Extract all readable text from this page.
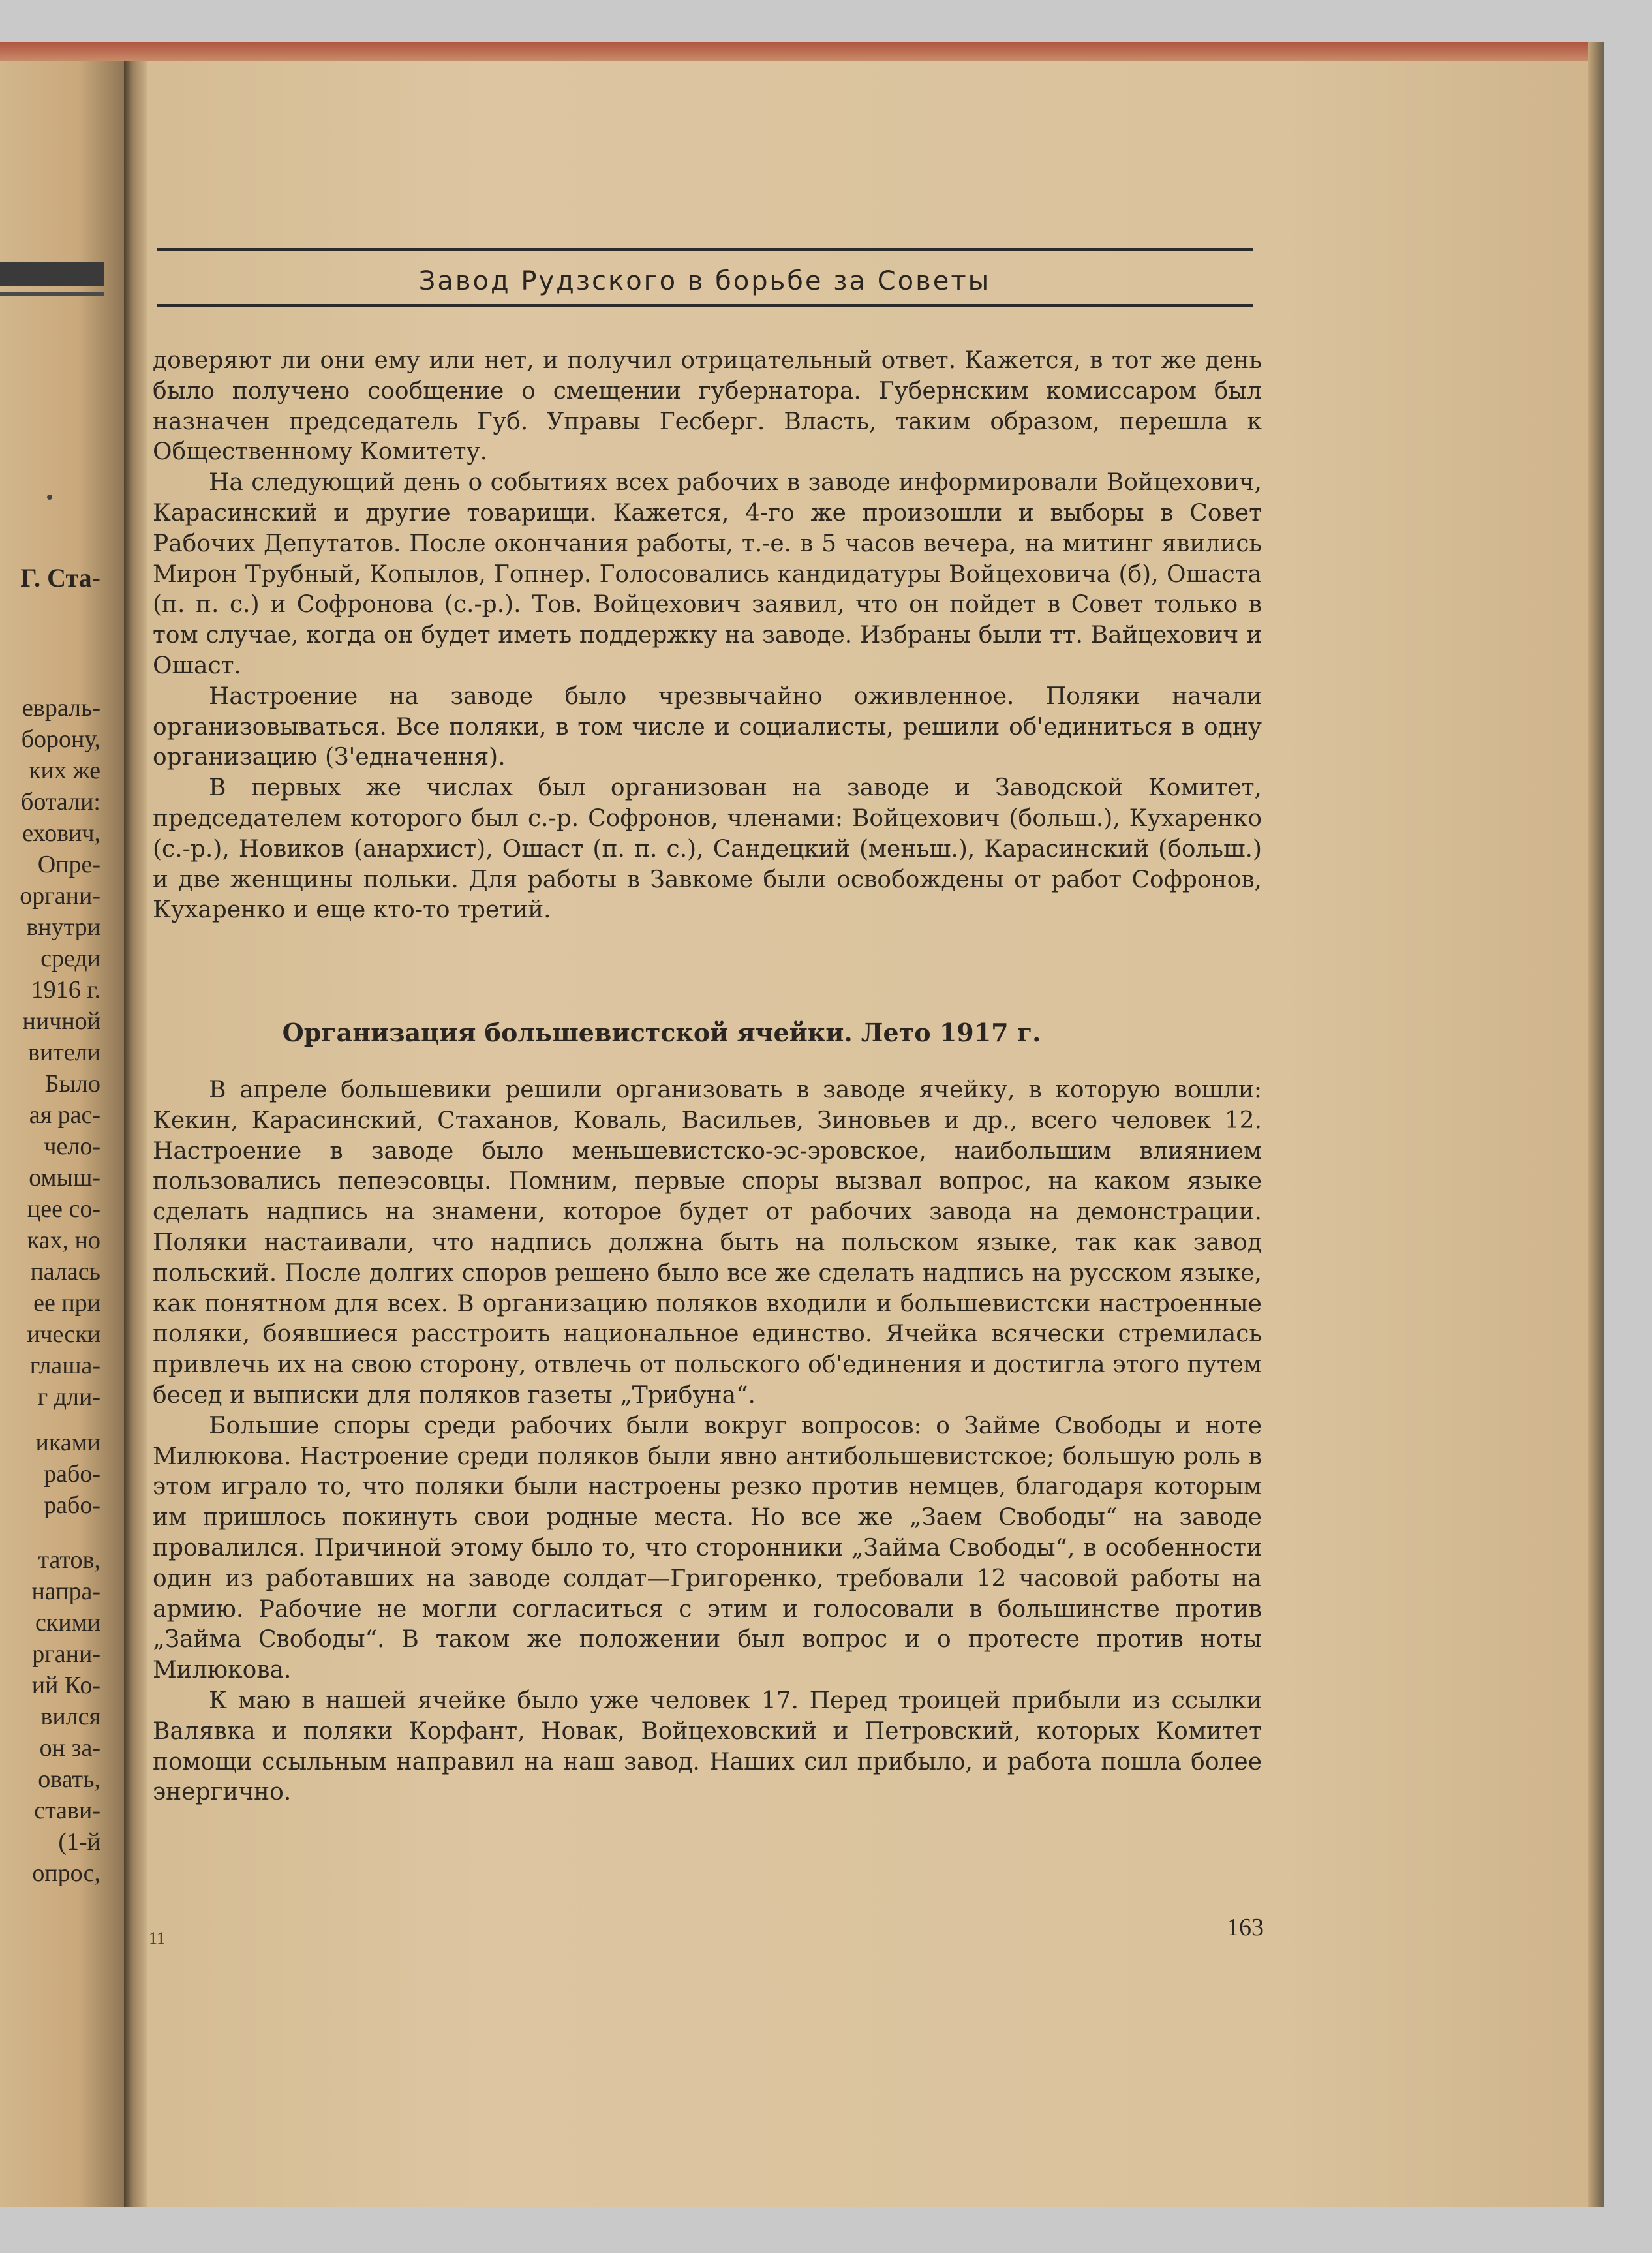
Г. Ста-
евраль-
борону,
ких же
ботали:
ехович,
Опре-
органи-
внутри
среди
1916 г.
ничной
вители
Было
ая рас-
чело-
омыш-
цее со-
ках, но
палась
ее при
ически
глаша-
г дли-
иками
рабо-
рабо-
татов,
напра-
скими
ргани-
ий Ко-
вился
он за-
овать,
стави-
(1-й
опрос,
Завод Рудзского в борьбе за Советы

доверяют ли они ему или нет, и получил отрицательный ответ. Кажется, в тот же день было получено сообщение о смещении губернатора. Губернским комиссаром был назначен председатель Губ. Управы Гесберг. Власть, таким образом, перешла к Общественному Комитету.

На следующий день о событиях всех рабочих в заводе информировали Войцехович, Карасинский и другие товарищи. Кажется, 4-го же произошли и выборы в Совет Рабочих Депутатов. После окончания работы, т.-е. в 5 часов вечера, на митинг явились Мирон Трубный, Копылов, Гопнер. Голосовались кандидатуры Войцеховича (б), Ошаста (п. п. с.) и Софронова (с.-р.). Тов. Войцехович заявил, что он пойдет в Совет только в том случае, когда он будет иметь поддержку на заводе. Избраны были тт. Вайцехович и Ошаст.

Настроение на заводе было чрезвычайно оживленное. Поляки начали организовываться. Все поляки, в том числе и социалисты, решили об'единиться в одну организацию (З'едначення).

В первых же числах был организован на заводе и Заводской Комитет, председателем которого был с.-р. Софронов, членами: Войцехович (больш.), Кухаренко (с.-р.), Новиков (анархист), Ошаст (п. п. с.), Сандецкий (меньш.), Карасинский (больш.) и две женщины польки. Для работы в Завкоме были освобождены от работ Софронов, Кухаренко и еще кто-то третий.

Организация большевистской ячейки. Лето 1917 г.

В апреле большевики решили организовать в заводе ячейку, в которую вошли: Кекин, Карасинский, Стаханов, Коваль, Васильев, Зиновьев и др., всего человек 12. Настроение в заводе было меньшевистско-эс-эровское, наибольшим влиянием пользовались пепеэсовцы. Помним, первые споры вызвал вопрос, на каком языке сделать надпись на знамени, которое будет от рабочих завода на демонстрации. Поляки настаивали, что надпись должна быть на польском языке, так как завод польский. После долгих споров решено было все же сделать надпись на русском языке, как понятном для всех. В организацию поляков входили и большевистски настроенные поляки, боявшиеся расстроить национальное единство. Ячейка всячески стремилась привлечь их на свою сторону, отвлечь от польского об'единения и достигла этого путем бесед и выписки для поляков газеты „Трибуна“.

Большие споры среди рабочих были вокруг вопросов: о Займе Свободы и ноте Милюкова. Настроение среди поляков были явно антибольшевистское; большую роль в этом играло то, что поляки были настроены резко против немцев, благодаря которым им пришлось покинуть свои родные места. Но все же „Заем Свободы“ на заводе провалился. Причиной этому было то, что сторонники „Займа Свободы“, в особенности один из работавших на заводе солдат—Григоренко, требовали 12 часовой работы на армию. Рабочие не могли согласиться с этим и голосовали в большинстве против „Займа Свободы“. В таком же положении был вопрос и о протесте против ноты Милюкова.

К маю в нашей ячейке было уже человек 17. Перед троицей прибыли из ссылки Валявка и поляки Корфант, Новак, Войцеховский и Петровский, которых Комитет помощи ссыльным направил на наш завод. Наших сил прибыло, и работа пошла более энергично.

163
11
